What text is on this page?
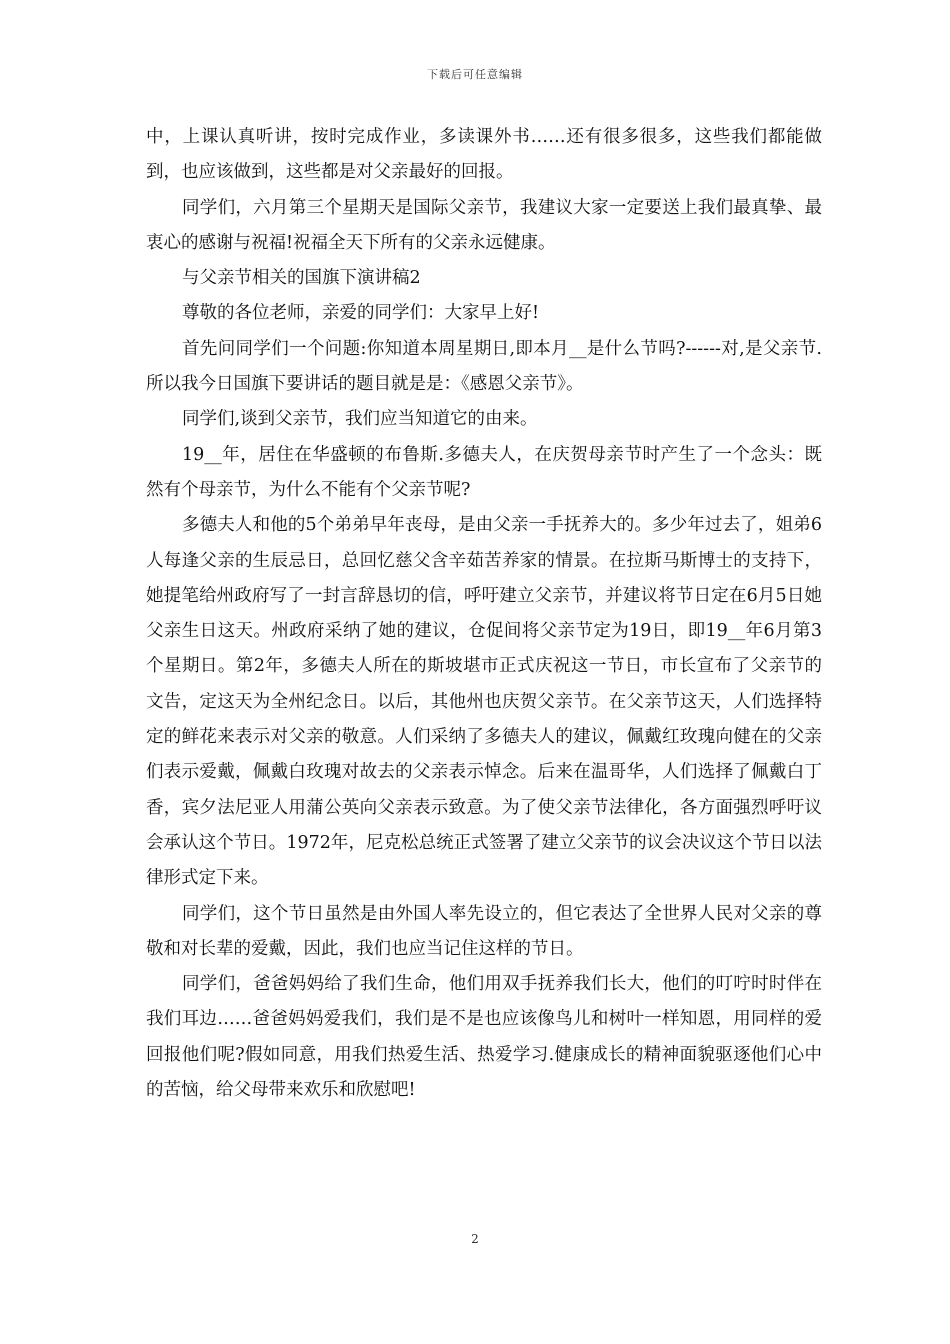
下载后可任意编辑

中，上课认真听讲，按时完成作业，多读课外书……还有很多很多，这些我们都能做到，也应该做到，这些都是对父亲最好的回报。

同学们，六月第三个星期天是国际父亲节，我建议大家一定要送上我们最真挚、最衷心的感谢与祝福!祝福全天下所有的父亲永远健康。

与父亲节相关的国旗下演讲稿2

尊敬的各位老师，亲爱的同学们：大家早上好!

首先问同学们一个问题:你知道本周星期日,即本月__是什么节吗?------对,是父亲节. 所以我今日国旗下要讲话的题目就是是：《感恩父亲节》。

同学们,谈到父亲节，我们应当知道它的由来。

19__年，居住在华盛顿的布鲁斯.多德夫人，在庆贺母亲节时产生了一个念头：既然有个母亲节，为什么不能有个父亲节呢?

多德夫人和他的5个弟弟早年丧母，是由父亲一手抚养大的。多少年过去了，姐弟6人每逢父亲的生辰忌日，总回忆慈父含辛茹苦养家的情景。在拉斯马斯博士的支持下，她提笔给州政府写了一封言辞恳切的信，呼吁建立父亲节，并建议将节日定在6月5日她父亲生日这天。州政府采纳了她的建议，仓促间将父亲节定为19日，即19__年6月第3个星期日。第2年，多德夫人所在的斯坡堪市正式庆祝这一节日，市长宣布了父亲节的文告，定这天为全州纪念日。以后，其他州也庆贺父亲节。在父亲节这天，人们选择特定的鲜花来表示对父亲的敬意。人们采纳了多德夫人的建议，佩戴红玫瑰向健在的父亲们表示爱戴，佩戴白玫瑰对故去的父亲表示悼念。后来在温哥华，人们选择了佩戴白丁香，宾夕法尼亚人用蒲公英向父亲表示致意。为了使父亲节法律化，各方面强烈呼吁议会承认这个节日。1972年，尼克松总统正式签署了建立父亲节的议会决议这个节日以法律形式定下来。

同学们，这个节日虽然是由外国人率先设立的，但它表达了全世界人民对父亲的尊敬和对长辈的爱戴，因此，我们也应当记住这样的节日。

同学们，爸爸妈妈给了我们生命，他们用双手抚养我们长大，他们的叮咛时时伴在我们耳边……爸爸妈妈爱我们，我们是不是也应该像鸟儿和树叶一样知恩，用同样的爱回报他们呢?假如同意，用我们热爱生活、热爱学习.健康成长的精神面貌驱逐他们心中的苦恼，给父母带来欢乐和欣慰吧!

2
